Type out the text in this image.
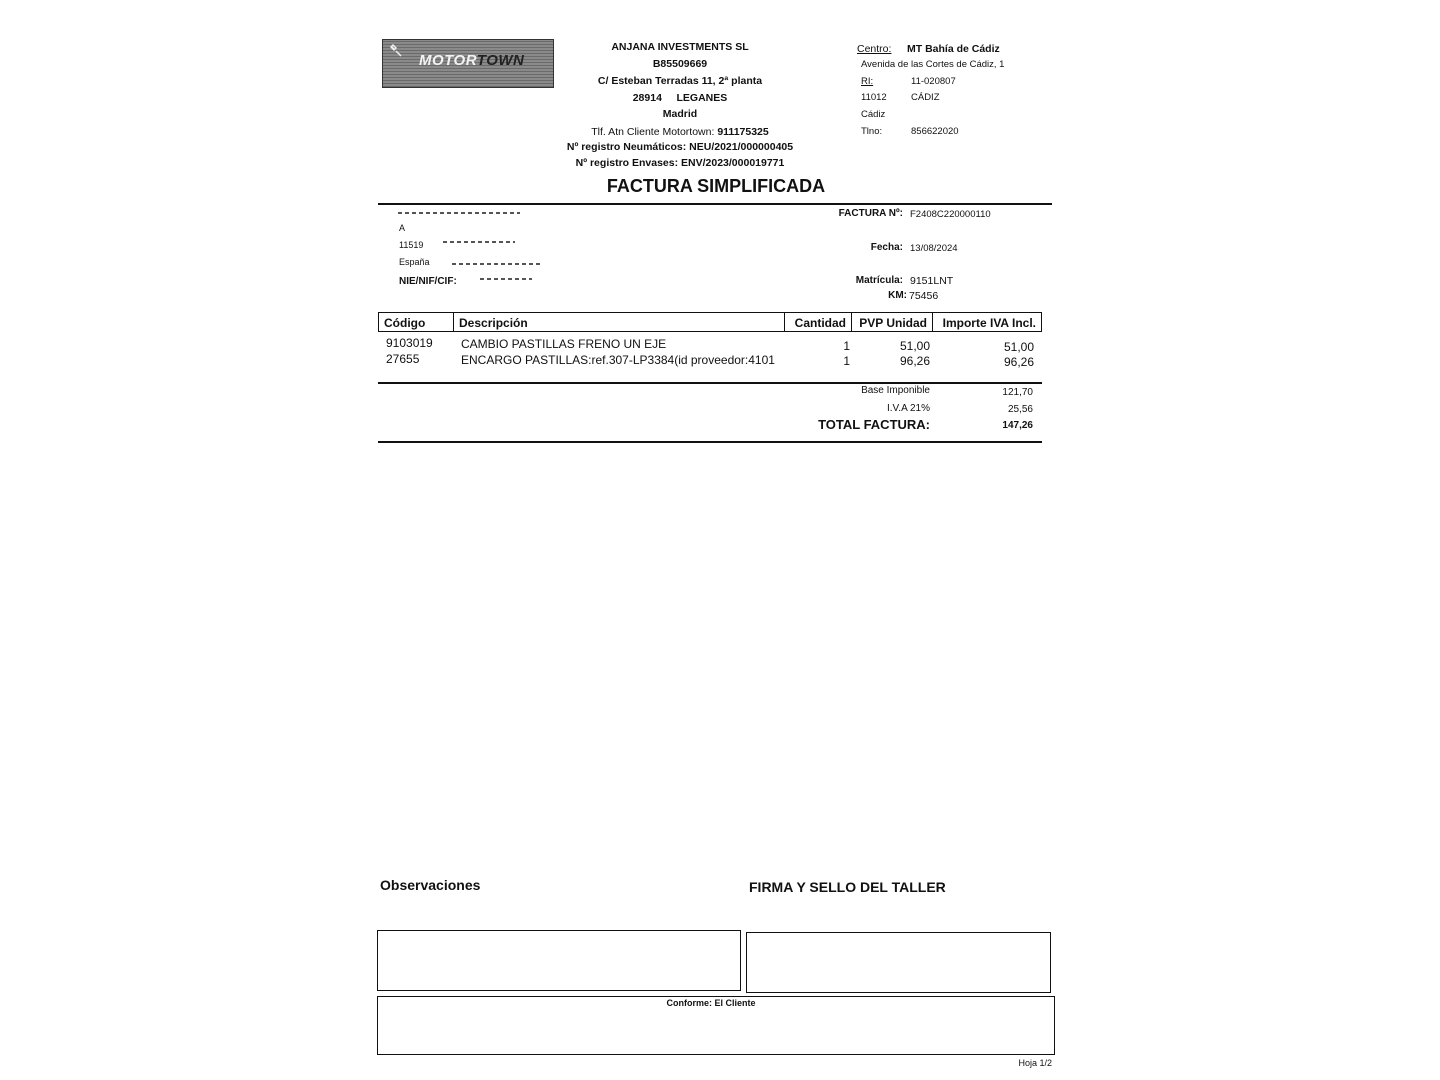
MOTORTOWN
ANJANA INVESTMENTS SL
B85509669
C/ Esteban Terradas 11, 2ª planta
28914     LEGANES
Madrid
Tlf. Atn Cliente Motortown: 911175325
Nº registro Neumáticos: NEU/2021/000000405
Nº registro Envases: ENV/2023/000019771
Centro: MT Bahía de Cádiz
Avenida de las Cortes de Cádiz, 1
RI:	11-020807
11012	CÁDIZ
Cádiz
Tlno:	856622020
FACTURA SIMPLIFICADA
A
11519
España
NIE/NIF/CIF:
FACTURA Nº: F2408C220000110
Fecha: 13/08/2024
Matrícula: 9151LNT
KM: 75456
Código	Descripción	Cantidad	PVP Unidad	Importe IVA Incl.
9103019 CAMBIO PASTILLAS FRENO UN EJE	1	51,00	51,00
27655	ENCARGO PASTILLAS:ref.307-LP3384(id proveedor:4101	1	96,26	96,26
Base Imponible	121,70
I.V.A 21%	25,56
TOTAL FACTURA:	147,26
Observaciones	FIRMA Y SELLO DEL TALLER
Conforme: El Cliente
Hoja 1/2
